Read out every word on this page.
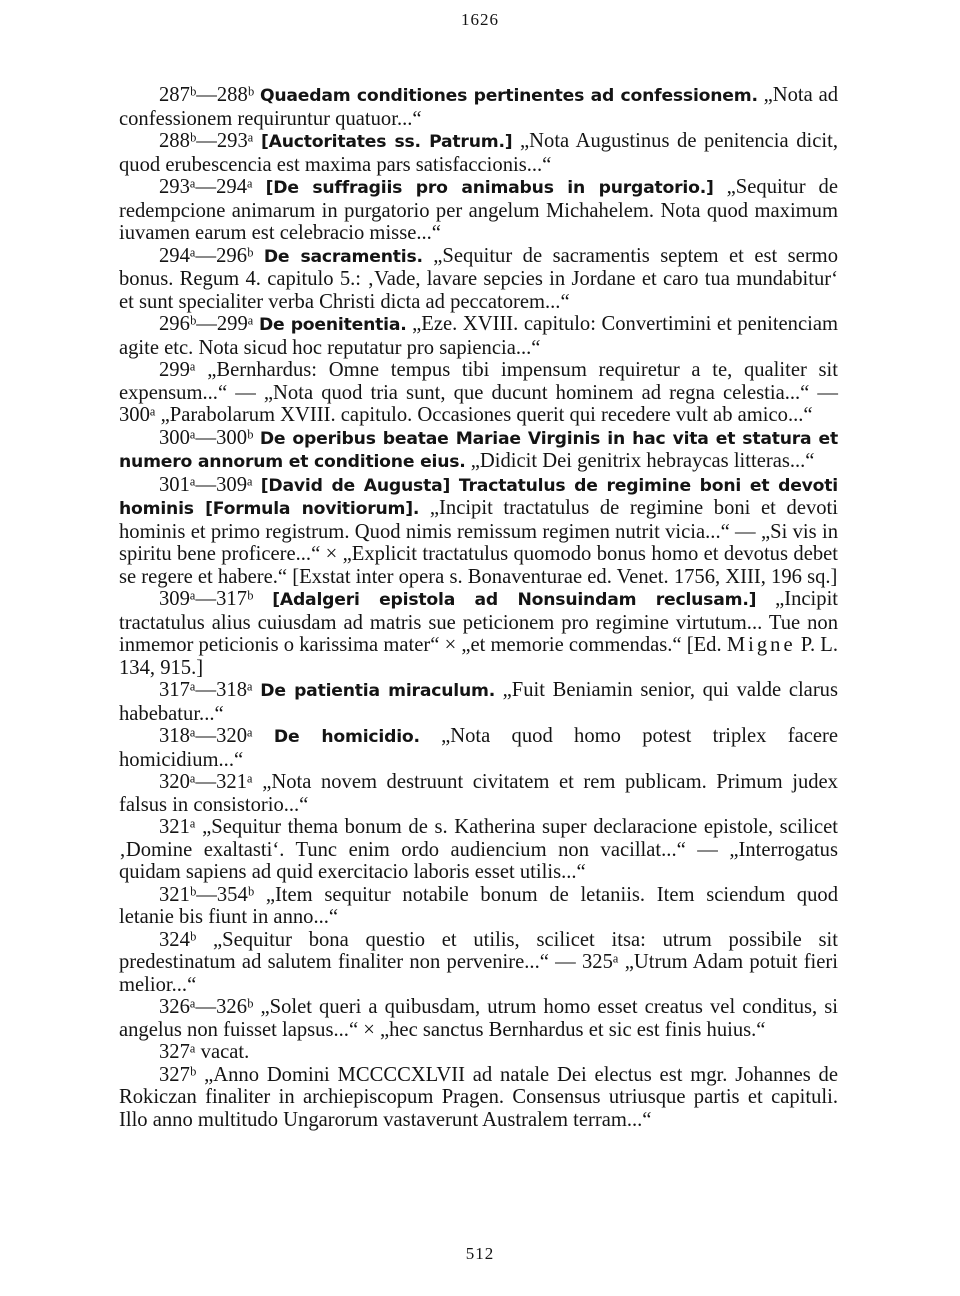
1626

287ᵇ—288ᵇ Quaedam conditiones pertinentes ad confessionem. „Nota ad confessionem requiruntur quatuor...“

288ᵇ—293ᵃ [Auctoritates ss. Patrum.] „Nota Augustinus de penitencia dicit, quod erubescencia est maxima pars satisfaccionis...“

293ᵃ—294ᵃ [De suffragiis pro animabus in purgatorio.] „Sequitur de redempcione animarum in purgatorio per angelum Michahelem. Nota quod maximum iuvamen earum est celebracio misse...“

294ᵃ—296ᵇ De sacramentis. „Sequitur de sacramentis septem et est sermo bonus. Regum 4. capitulo 5.: ‚Vade, lavare sepcies in Jordane et caro tua mundabitur‘ et sunt specialiter verba Christi dicta ad peccatorem...“

296ᵇ—299ᵃ De poenitentia. „Eze. XVIII. capitulo: Convertimini et penitenciam agite etc. Nota sicud hoc reputatur pro sapiencia...“

299ᵃ „Bernhardus: Omne tempus tibi impensum requiretur a te, qualiter sit expensum...“ — „Nota quod tria sunt, que ducunt hominem ad regna celestia...“ — 300ᵃ „Parabolarum XVIII. capitulo. Occasiones querit qui recedere vult ab amico...“

300ᵃ—300ᵇ De operibus beatae Mariae Virginis in hac vita et statura et numero annorum et conditione eius. „Didicit Dei genitrix hebraycas litteras...“

301ᵃ—309ᵃ [David de Augusta] Tractatulus de regimine boni et devoti hominis [Formula novitiorum]. „Incipit tractatulus de regimine boni et devoti hominis et primo registrum. Quod nimis remissum regimen nutrit vicia...“ — „Si vis in spiritu bene proficere...“ × „Explicit tractatulus quomodo bonus homo et devotus debet se regere et habere.“ [Exstat inter opera s. Bonaventurae ed. Venet. 1756, XIII, 196 sq.]

309ᵃ—317ᵇ [Adalgeri epistola ad Nonsuindam reclusam.] „Incipit tractatulus alius cuiusdam ad matris sue peticionem pro regimine virtutum... Tue non inmemor peticionis o karissima mater“ × „et memorie commendas.“ [Ed. Migne P. L. 134, 915.]

317ᵃ—318ᵃ De patientia miraculum. „Fuit Beniamin senior, qui valde clarus habebatur...“

318ᵃ—320ᵃ De homicidio. „Nota quod homo potest triplex facere homicidium...“

320ᵃ—321ᵃ „Nota novem destruunt civitatem et rem publicam. Primum judex falsus in consistorio...“

321ᵃ „Sequitur thema bonum de s. Katherina super declaracione epistole, scilicet ‚Domine exaltasti‘. Tunc enim ordo audiencium non vacillat...“ — „Interrogatus quidam sapiens ad quid exercitacio laboris esset utilis...“

321ᵇ—354ᵇ „Item sequitur notabile bonum de letaniis. Item sciendum quod letanie bis fiunt in anno...“

324ᵇ „Sequitur bona questio et utilis, scilicet itsa: utrum possibile sit predestinatum ad salutem finaliter non pervenire...“ — 325ᵃ „Utrum Adam potuit fieri melior...“

326ᵃ—326ᵇ „Solet queri a quibusdam, utrum homo esset creatus vel conditus, si angelus non fuisset lapsus...“ × „hec sanctus Bernhardus et sic est finis huius.“

327ᵃ vacat.

327ᵇ „Anno Domini MCCCCXLVII ad natale Dei electus est mgr. Johannes de Rokiczan finaliter in archiepiscopum Pragen. Consensus utriusque partis et capituli. Illo anno multitudo Ungarorum vastaverunt Australem terram...“

512
